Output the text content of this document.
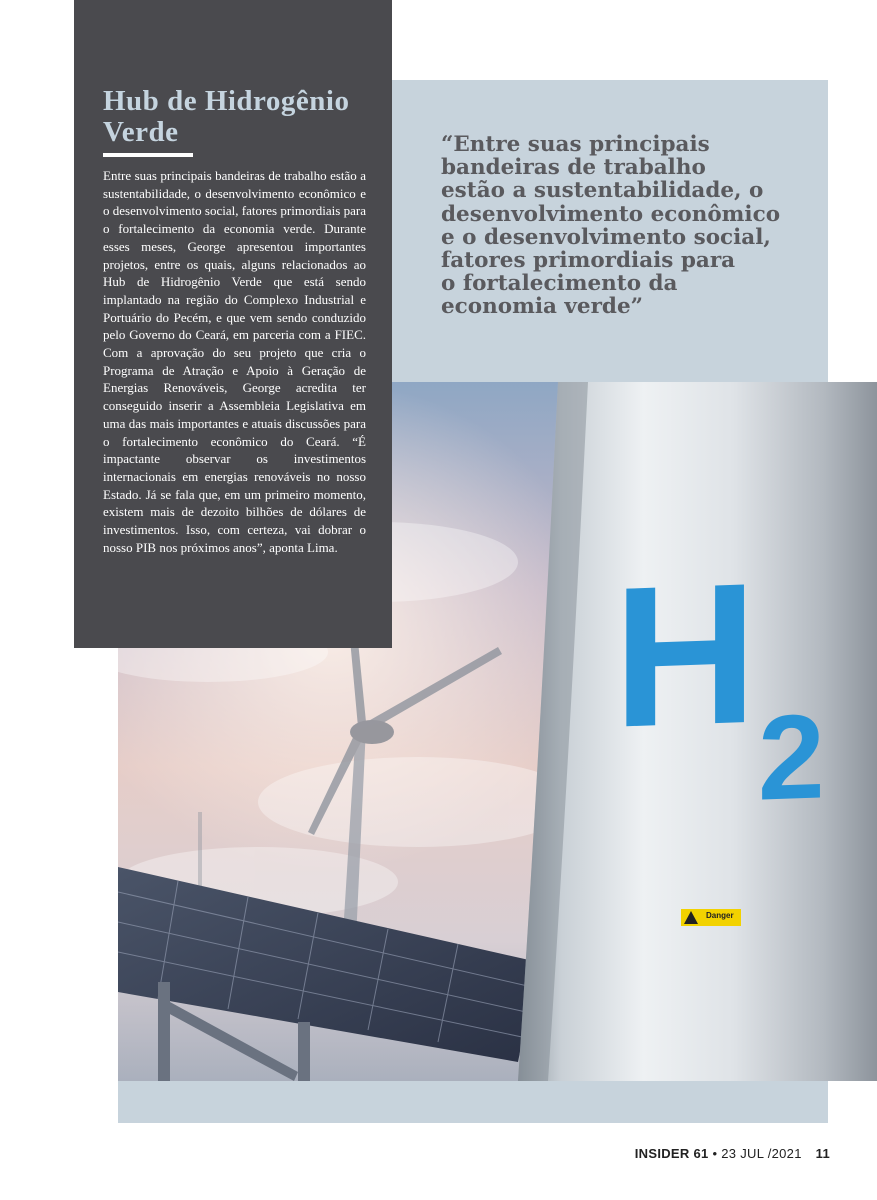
H 2
Danger
Hub de Hidrogênio Verde

Entre suas principais bandeiras de trabalho estão a sustentabilidade, o desenvolvimento econômico e o desenvolvimento social, fatores primordiais para o fortalecimento da economia verde. Durante esses meses, George apresentou importantes projetos, entre os quais, alguns relacionados ao Hub de Hidrogênio Verde que está sendo implantado na região do Complexo Industrial e Portuário do Pecém, e que vem sendo conduzido pelo Governo do Ceará, em parceria com a FIEC. Com a aprovação do seu projeto que cria o Programa de Atração e Apoio à Geração de Energias Renováveis, George acredita ter conseguido inserir a Assembleia Legislativa em uma das mais importantes e atuais discussões para o fortalecimento econômico do Ceará. “É impactante observar os investimentos internacionais em energias renováveis no nosso Estado. Já se fala que, em um primeiro momento, existem mais de dezoito bilhões de dólares de investimentos. Isso, com certeza, vai dobrar o nosso PIB nos próximos anos”, aponta Lima.

“Entre suas principais
bandeiras de trabalho
estão a sustentabilidade, o
desenvolvimento econômico
e o desenvolvimento social,
fatores primordiais para
o fortalecimento da
economia verde”

INSIDER 61 • 23 JUL /2021 11
